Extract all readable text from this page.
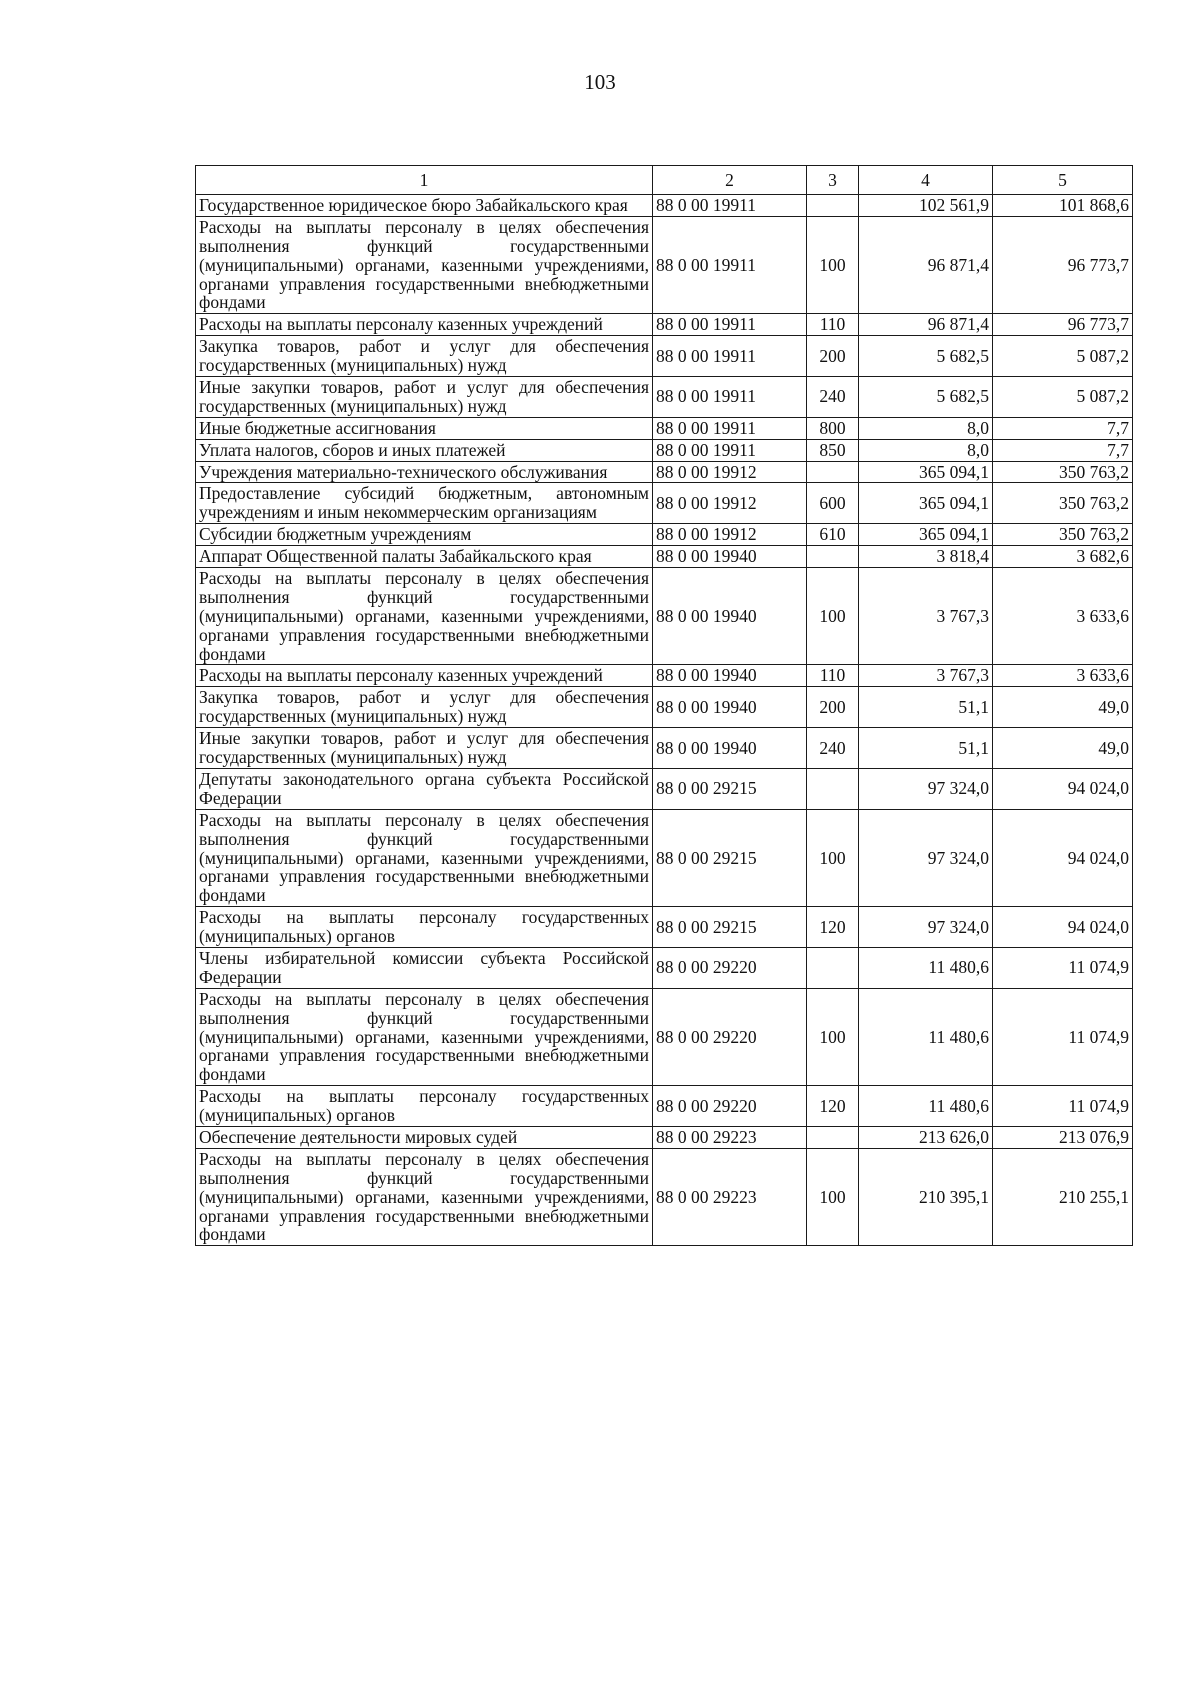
103
1	2	3	4	5
Государственное юридическое бюро Забайкальского края	88 0 00 19911		102 561,9	101 868,6
Расходы на выплаты персоналу в целях обеспечения выполнения функций государственными (муниципальными) органами, казенными учреждениями, органами управления государственными внебюджетными фондами	88 0 00 19911	100	96 871,4	96 773,7
Расходы на выплаты персоналу казенных учреждений	88 0 00 19911	110	96 871,4	96 773,7
Закупка товаров, работ и услуг для обеспечения государственных (муниципальных) нужд	88 0 00 19911	200	5 682,5	5 087,2
Иные закупки товаров, работ и услуг для обеспечения государственных (муниципальных) нужд	88 0 00 19911	240	5 682,5	5 087,2
Иные бюджетные ассигнования	88 0 00 19911	800	8,0	7,7
Уплата налогов, сборов и иных платежей	88 0 00 19911	850	8,0	7,7
Учреждения материально-технического обслуживания	88 0 00 19912		365 094,1	350 763,2
Предоставление субсидий бюджетным, автономным учреждениям и иным некоммерческим организациям	88 0 00 19912	600	365 094,1	350 763,2
Субсидии бюджетным учреждениям	88 0 00 19912	610	365 094,1	350 763,2
Аппарат Общественной палаты Забайкальского края	88 0 00 19940		3 818,4	3 682,6
Расходы на выплаты персоналу в целях обеспечения выполнения функций государственными (муниципальными) органами, казенными учреждениями, органами управления государственными внебюджетными фондами	88 0 00 19940	100	3 767,3	3 633,6
Расходы на выплаты персоналу казенных учреждений	88 0 00 19940	110	3 767,3	3 633,6
Закупка товаров, работ и услуг для обеспечения государственных (муниципальных) нужд	88 0 00 19940	200	51,1	49,0
Иные закупки товаров, работ и услуг для обеспечения государственных (муниципальных) нужд	88 0 00 19940	240	51,1	49,0
Депутаты законодательного органа субъекта Российской Федерации	88 0 00 29215		97 324,0	94 024,0
Расходы на выплаты персоналу в целях обеспечения выполнения функций государственными (муниципальными) органами, казенными учреждениями, органами управления государственными внебюджетными фондами	88 0 00 29215	100	97 324,0	94 024,0
Расходы на выплаты персоналу государственных (муниципальных) органов	88 0 00 29215	120	97 324,0	94 024,0
Члены избирательной комиссии субъекта Российской Федерации	88 0 00 29220		11 480,6	11 074,9
Расходы на выплаты персоналу в целях обеспечения выполнения функций государственными (муниципальными) органами, казенными учреждениями, органами управления государственными внебюджетными фондами	88 0 00 29220	100	11 480,6	11 074,9
Расходы на выплаты персоналу государственных (муниципальных) органов	88 0 00 29220	120	11 480,6	11 074,9
Обеспечение деятельности мировых судей	88 0 00 29223		213 626,0	213 076,9
Расходы на выплаты персоналу в целях обеспечения выполнения функций государственными (муниципальными) органами, казенными учреждениями, органами управления государственными внебюджетными фондами	88 0 00 29223	100	210 395,1	210 255,1
